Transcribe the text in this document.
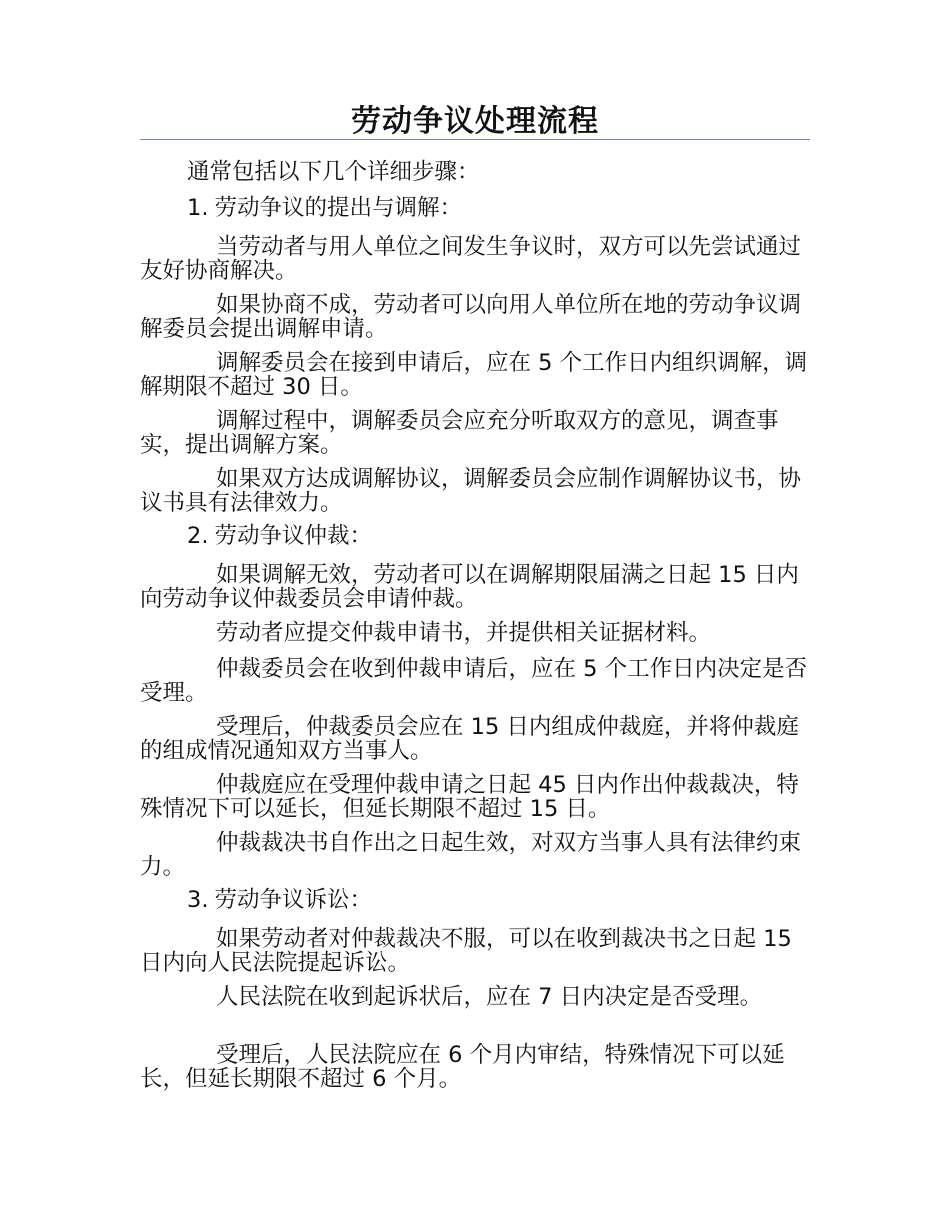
劳动争议处理流程
通常包括以下几个详细步骤：
1. 劳动争议的提出与调解：

当劳动者与用人单位之间发生争议时，双方可以先尝试通过友好协商解决。

如果协商不成，劳动者可以向用人单位所在地的劳动争议调解委员会提出调解申请。

调解委员会在接到申请后，应在 5 个工作日内组织调解，调解期限不超过 30 日。

调解过程中，调解委员会应充分听取双方的意见，调查事实，提出调解方案。

如果双方达成调解协议，调解委员会应制作调解协议书，协议书具有法律效力。

2. 劳动争议仲裁：

如果调解无效，劳动者可以在调解期限届满之日起 15 日内向劳动争议仲裁委员会申请仲裁。

劳动者应提交仲裁申请书，并提供相关证据材料。

仲裁委员会在收到仲裁申请后，应在 5 个工作日内决定是否受理。

受理后，仲裁委员会应在 15 日内组成仲裁庭，并将仲裁庭的组成情况通知双方当事人。

仲裁庭应在受理仲裁申请之日起 45 日内作出仲裁裁决，特殊情况下可以延长，但延长期限不超过 15 日。

仲裁裁决书自作出之日起生效，对双方当事人具有法律约束力。

3. 劳动争议诉讼：

如果劳动者对仲裁裁决不服，可以在收到裁决书之日起 15 日内向人民法院提起诉讼。

人民法院在收到起诉状后，应在 7 日内决定是否受理。

受理后，人民法院应在 6 个月内审结，特殊情况下可以延长，但延长期限不超过 6 个月。
